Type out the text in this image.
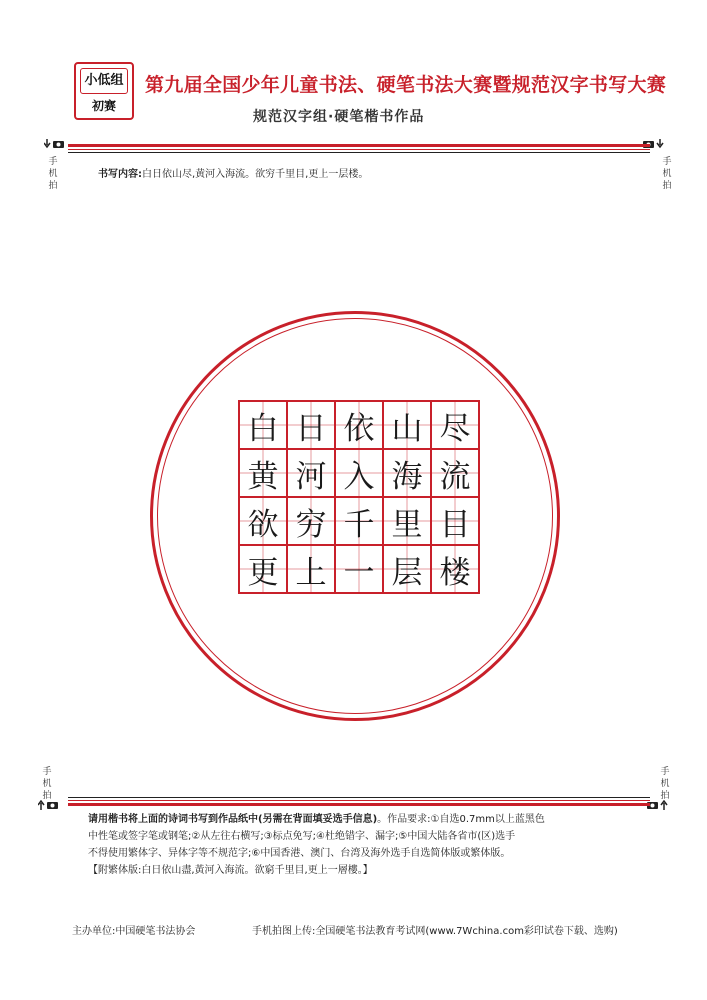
小低组
初赛
第九届全国少年儿童书法、硬笔书法大赛暨规范汉字书写大赛
规范汉字组·硬笔楷书作品
手机拍
手机拍
书写内容:白日依山尽,黄河入海流。欲穷千里目,更上一层楼。
白 日 依 山 尽
黄 河 入 海 流
欲 穷 千 里 目
更 上 一 层 楼
手机拍
手机拍
请用楷书将上面的诗词书写到作品纸中(另需在背面填妥选手信息)。作品要求:①自选0.7mm以上蓝黑色
中性笔或签字笔或钢笔;②从左往右横写;③标点免写;④杜绝错字、漏字;⑤中国大陆各省市(区)选手
不得使用繁体字、异体字等不规范字;⑥中国香港、澳门、台湾及海外选手自选简体版或繁体版。
【附繁体版:白日依山盡,黃河入海流。欲窮千里目,更上一層樓。】
主办单位:中国硬笔书法协会	手机拍图上传:全国硬笔书法教育考试网(www.7Wchina.com彩印试卷下载、选购)
